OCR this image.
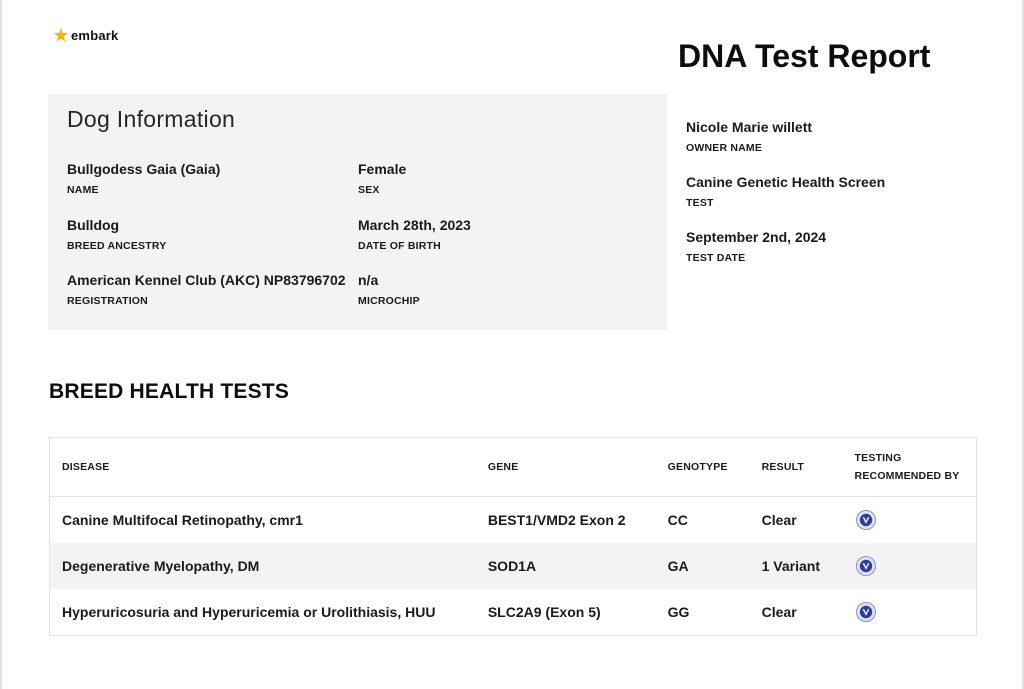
embark
DNA Test Report
Dog Information
Bullgodess Gaia (Gaia)
NAME
Female
SEX
Bulldog
BREED ANCESTRY
March 28th, 2023
DATE OF BIRTH
American Kennel Club (AKC) NP83796702
REGISTRATION
n/a
MICROCHIP
Nicole Marie willett
OWNER NAME
Canine Genetic Health Screen
TEST
September 2nd, 2024
TEST DATE
BREED HEALTH TESTS
DISEASE	GENE	GENOTYPE	RESULT	TESTING
RECOMMENDED BY

Canine Multifocal Retinopathy, cmr1	BEST1/VMD2 Exon 2	CC	Clear	

Degenerative Myelopathy, DM	SOD1A	GA	1 Variant	

Hyperuricosuria and Hyperuricemia or Urolithiasis, HUU	SLC2A9 (Exon 5)	GG	Clear	
